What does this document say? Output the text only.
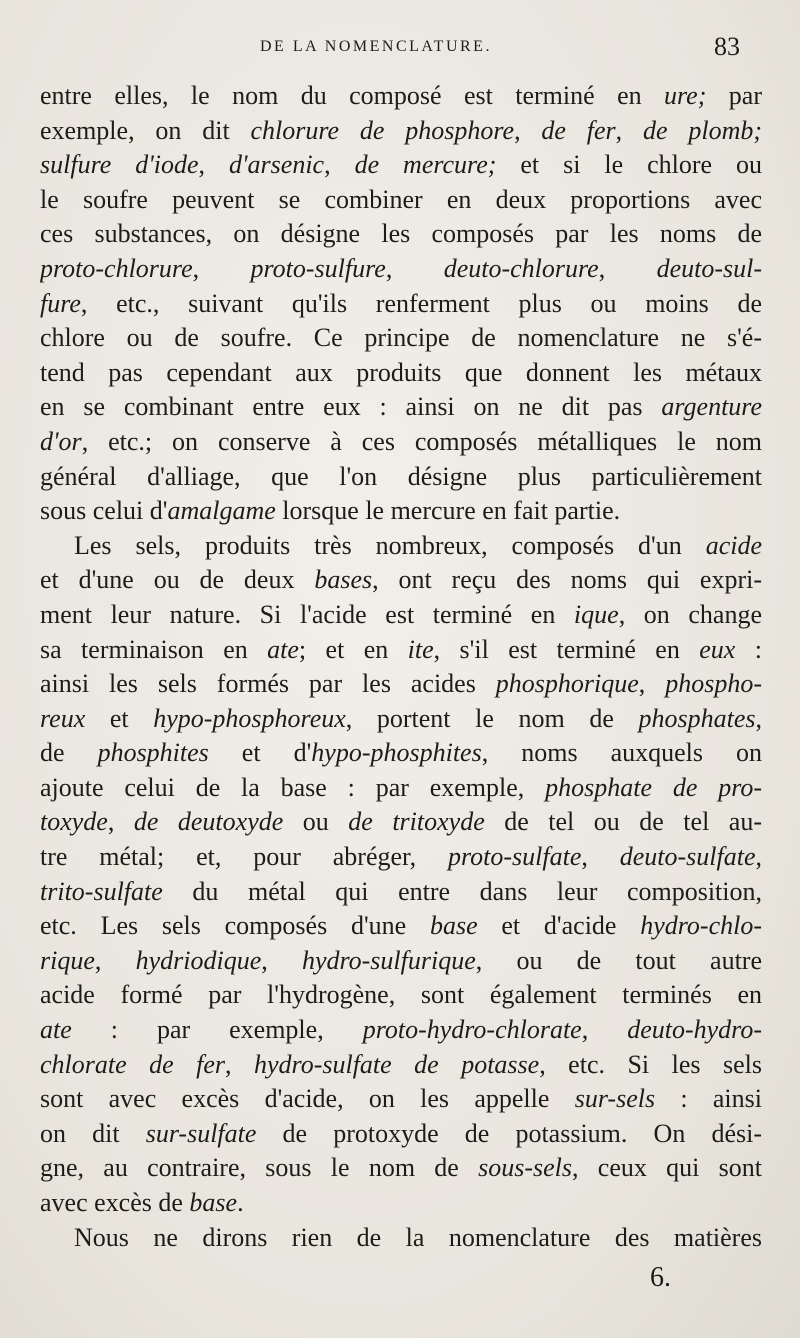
DE LA NOMENCLATURE.	83
entre elles, le nom du composé est terminé en ure; par
exemple, on dit chlorure de phosphore, de fer, de plomb;
sulfure d'iode, d'arsenic, de mercure; et si le chlore ou
le soufre peuvent se combiner en deux proportions avec
ces substances, on désigne les composés par les noms de
proto-chlorure, proto-sulfure, deuto-chlorure, deuto-sul-
fure, etc., suivant qu'ils renferment plus ou moins de
chlore ou de soufre. Ce principe de nomenclature ne s'é-
tend pas cependant aux produits que donnent les métaux
en se combinant entre eux : ainsi on ne dit pas argenture
d'or, etc.; on conserve à ces composés métalliques le nom
général d'alliage, que l'on désigne plus particulièrement
sous celui d'amalgame lorsque le mercure en fait partie.
Les sels, produits très nombreux, composés d'un acide
et d'une ou de deux bases, ont reçu des noms qui expri-
ment leur nature. Si l'acide est terminé en ique, on change
sa terminaison en ate; et en ite, s'il est terminé en eux :
ainsi les sels formés par les acides phosphorique, phospho-
reux et hypo-phosphoreux, portent le nom de phosphates,
de phosphites et d'hypo-phosphites, noms auxquels on
ajoute celui de la base : par exemple, phosphate de pro-
toxyde, de deutoxyde ou de tritoxyde de tel ou de tel au-
tre métal; et, pour abréger, proto-sulfate, deuto-sulfate,
trito-sulfate du métal qui entre dans leur composition,
etc. Les sels composés d'une base et d'acide hydro-chlo-
rique, hydriodique, hydro-sulfurique, ou de tout autre
acide formé par l'hydrogène, sont également terminés en
ate : par exemple, proto-hydro-chlorate, deuto-hydro-
chlorate de fer, hydro-sulfate de potasse, etc. Si les sels
sont avec excès d'acide, on les appelle sur-sels : ainsi
on dit sur-sulfate de protoxyde de potassium. On dési-
gne, au contraire, sous le nom de sous-sels, ceux qui sont
avec excès de base.
Nous ne dirons rien de la nomenclature des matières
6.
